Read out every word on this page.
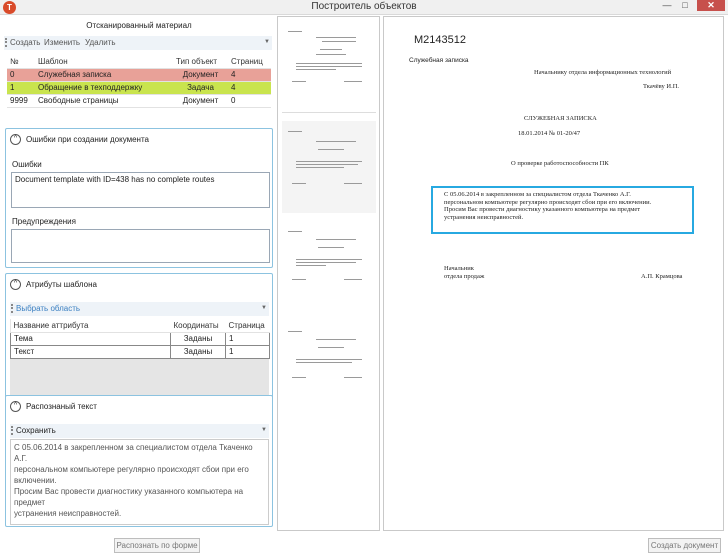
Т	Построитель объектов	—	□	✕
Отсканированный материал
Создать Изменить Удалить	▼
№	Шаблон	Тип объект	Страниц
0	Служебная записка	Документ	4
1	Обращение в техподдержку	Задача	4
9999	Свободные страницы	Документ	0
^	Ошибки при создании документа
Ошибки
Document template with ID=438 has no complete routes
Предупреждения
^	Атрибуты шаблона
Выбрать область	▼
Название аттрибута	Координаты	Страница
Тема	Заданы	1
Текст	Заданы	1
^	Распознаный текст
Сохранить	▼
С 05.06.2014 в закрепленном за специалистом отдела Ткаченко
А.Г.
персональном компьютере регулярно происходят сбои при его
включении.
Просим Вас провести диагностику указанного компьютера на
предмет
устранения неисправностей.
М2143512
Служебная записка
Начальнику отдела информационных технологий
Ткачёву И.П.
СЛУЖЕБНАЯ ЗАПИСКА
18.01.2014 № 01-20/47
О проверке работоспособности ПК
С 05.06.2014 в закрепленном за специалистом отдела Ткаченко А.Г.
персональном компьютере регулярно происходят сбои при его включении.
Просим Вас провести диагностику указанного компьютера на предмет
устранения неисправностей.
Начальник
отдела продаж	А.П. Крамцова
Распознать по форме	Создать документ
